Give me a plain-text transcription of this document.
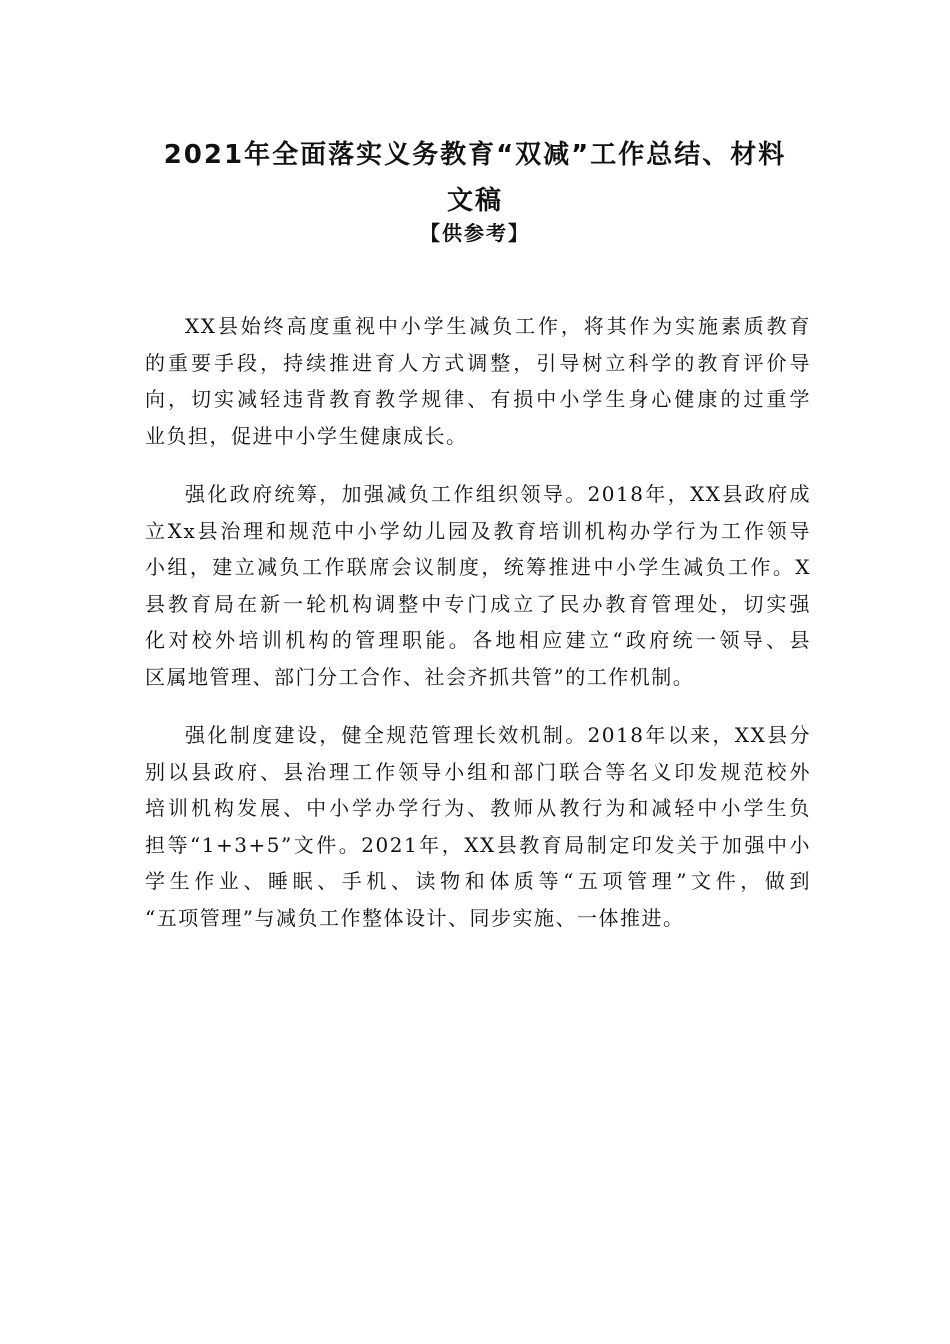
2021年全面落实义务教育“双减”工作总结、材料
文稿
【供参考】

XX县始终高度重视中小学生减负工作，将其作为实施素质教育
的重要手段，持续推进育人方式调整，引导树立科学的教育评价导
向，切实减轻违背教育教学规律、有损中小学生身心健康的过重学
业负担，促进中小学生健康成长。

强化政府统筹，加强减负工作组织领导。2018年，XX县政府成
立Xx县治理和规范中小学幼儿园及教育培训机构办学行为工作领导
小组，建立减负工作联席会议制度，统筹推进中小学生减负工作。X
县教育局在新一轮机构调整中专门成立了民办教育管理处，切实强
化对校外培训机构的管理职能。各地相应建立“政府统一领导、县
区属地管理、部门分工合作、社会齐抓共管”的工作机制。

强化制度建设，健全规范管理长效机制。2018年以来，XX县分
别以县政府、县治理工作领导小组和部门联合等名义印发规范校外
培训机构发展、中小学办学行为、教师从教行为和减轻中小学生负
担等“1+3+5”文件。2021年，XX县教育局制定印发关于加强中小
学生作业、睡眠、手机、读物和体质等“五项管理”文件，做到
“五项管理”与减负工作整体设计、同步实施、一体推进。
